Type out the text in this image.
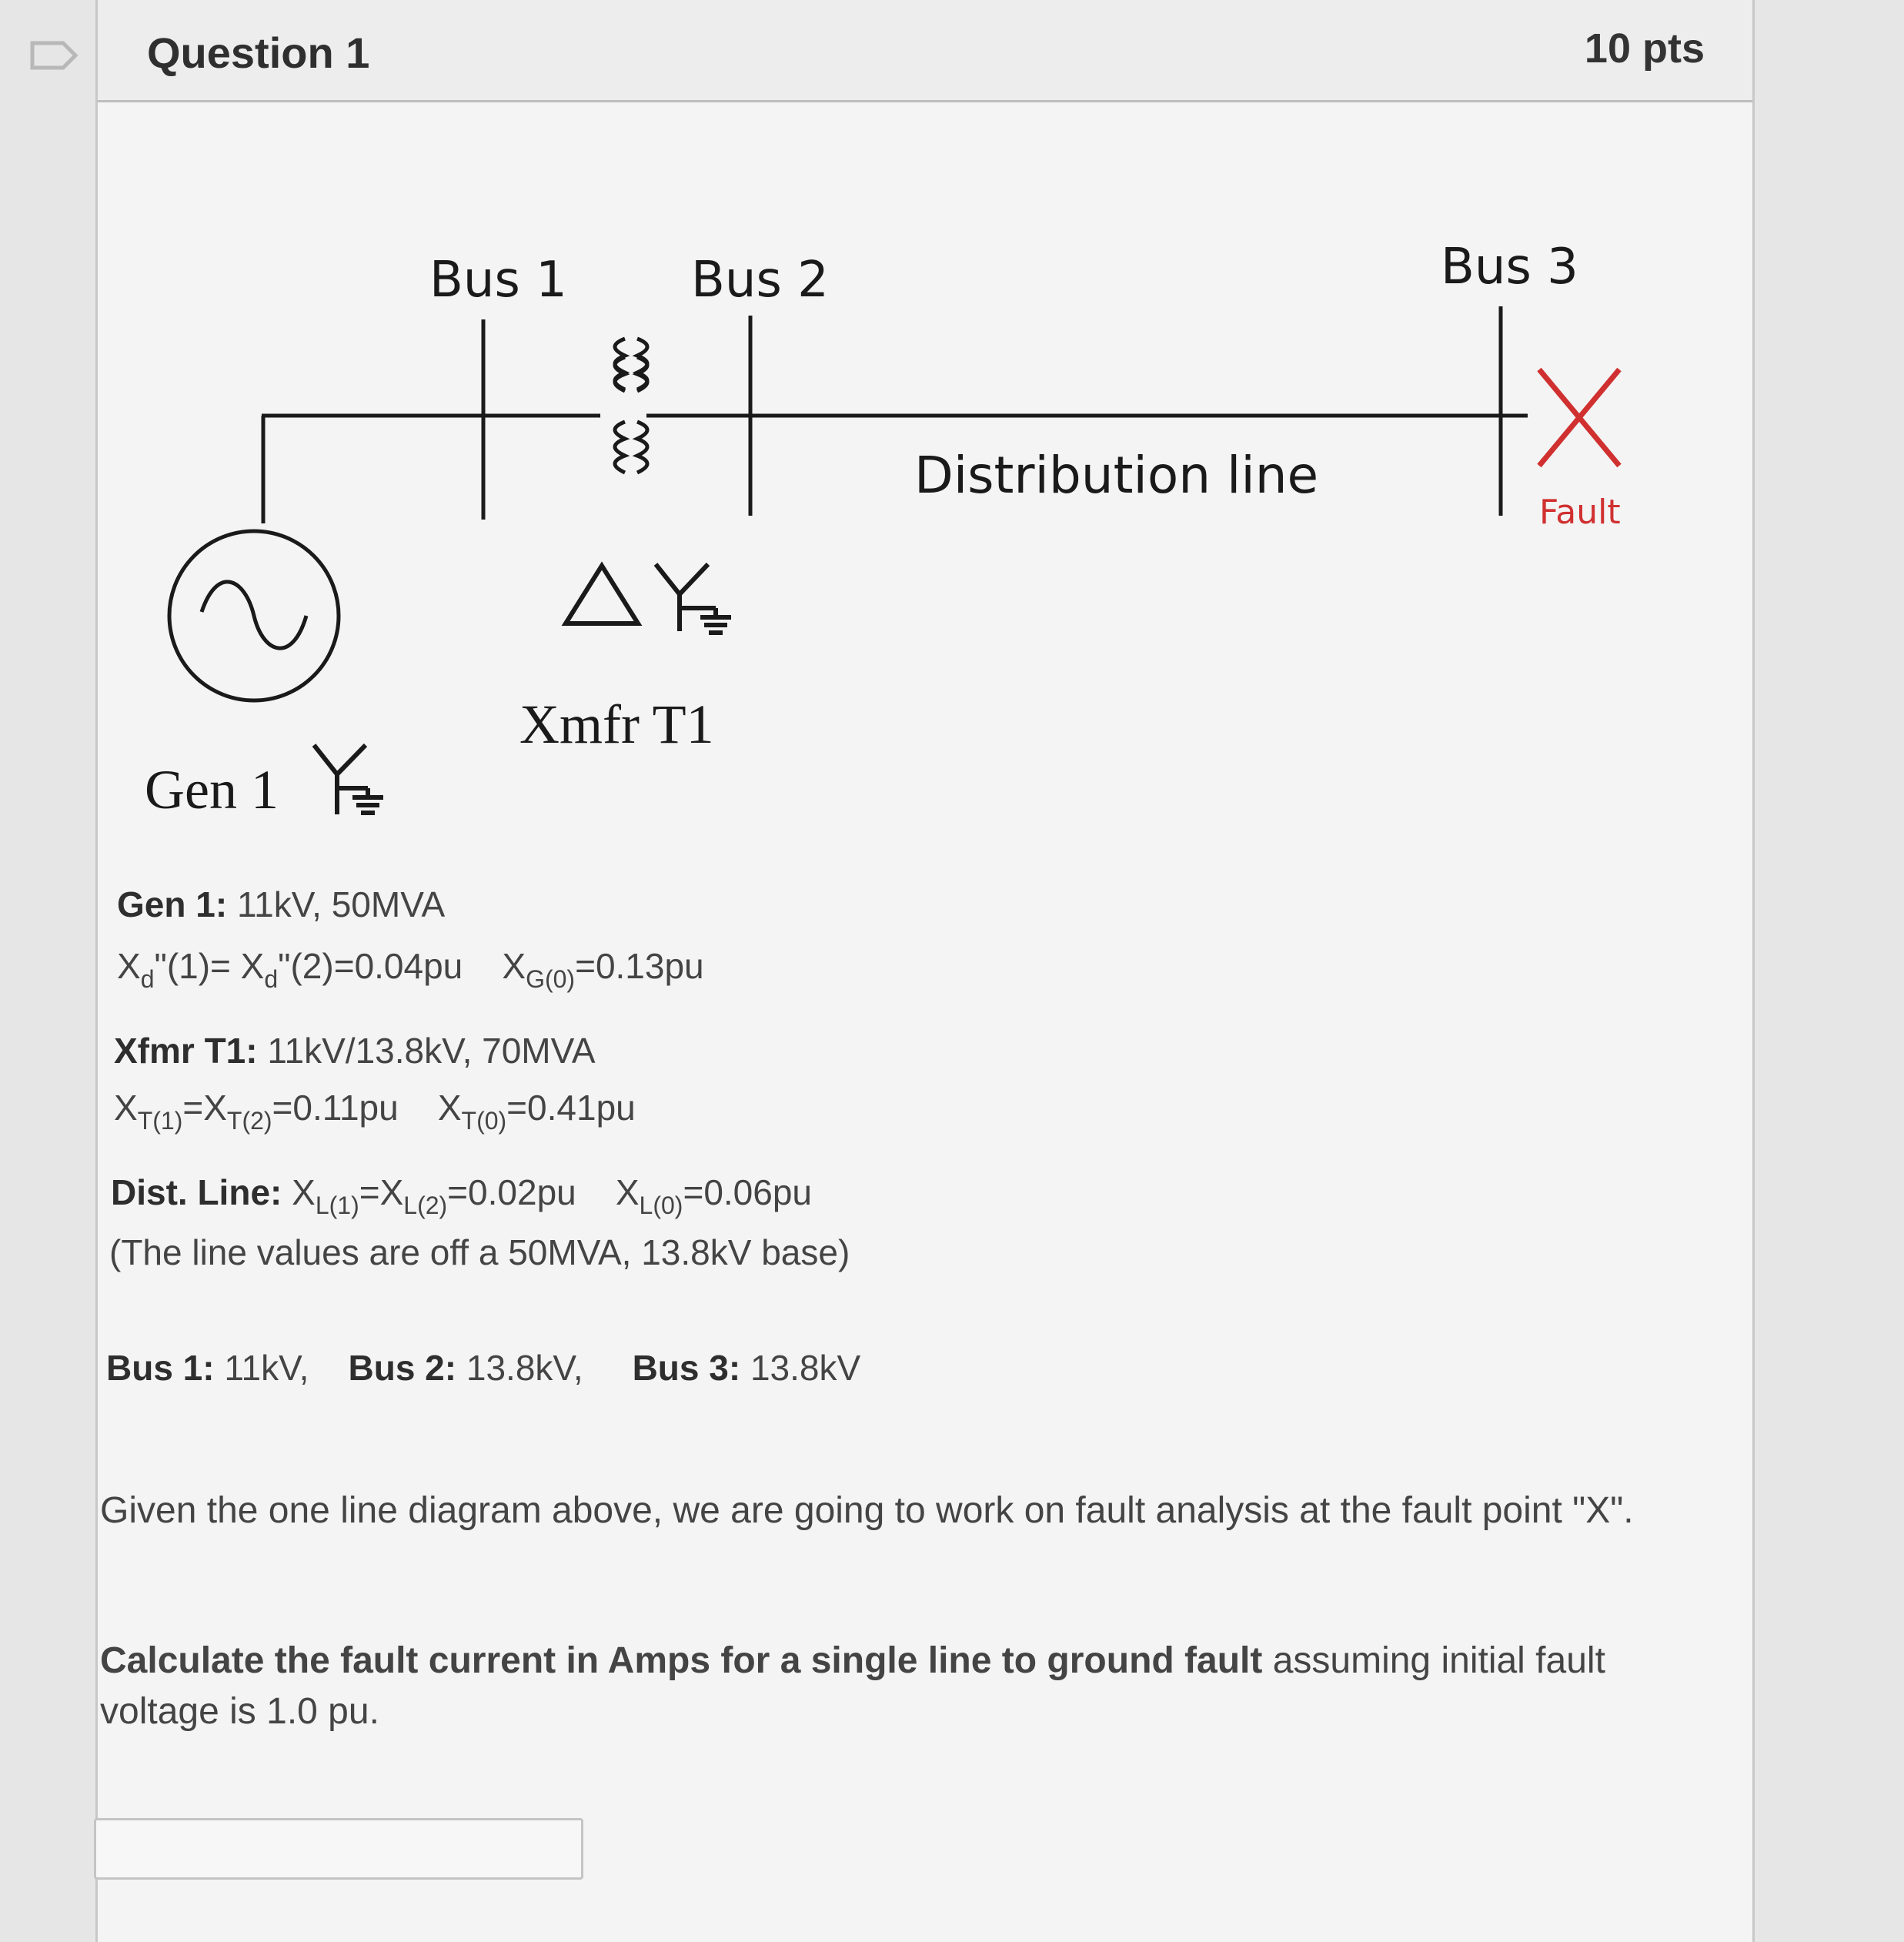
Question 1	10 pts
Bus 1	Bus 2	Bus 3
Distribution line
Fault
Xmfr T1
Gen 1
Gen 1: 11kV, 50MVA
$X_d"(1)=$ $X_d"(2)=0.04pu$ $X_{G(0)}=0.13pu$
Xfmr T1: 11kV/13.8kV, 70MVA
$X_{T(1)}=X_{T(2)}=0.11pu$ $X_{T(0)}=0.41pu$
Dist. Line: $X_{L(1)}=X_{L(2)}=0.02pu$ $X_{L(0)}=0.06pu$
(The line values are off a 50MVA, 13.8kV base)
Bus 1: 11kV, Bus 2: 13.8kV, Bus 3: 13.8kV
Given the one line diagram above, we are going to work on fault analysis at the fault point "X".
Calculate the fault current in Amps for a single line to ground fault assuming initial fault voltage is 1.0 pu.
